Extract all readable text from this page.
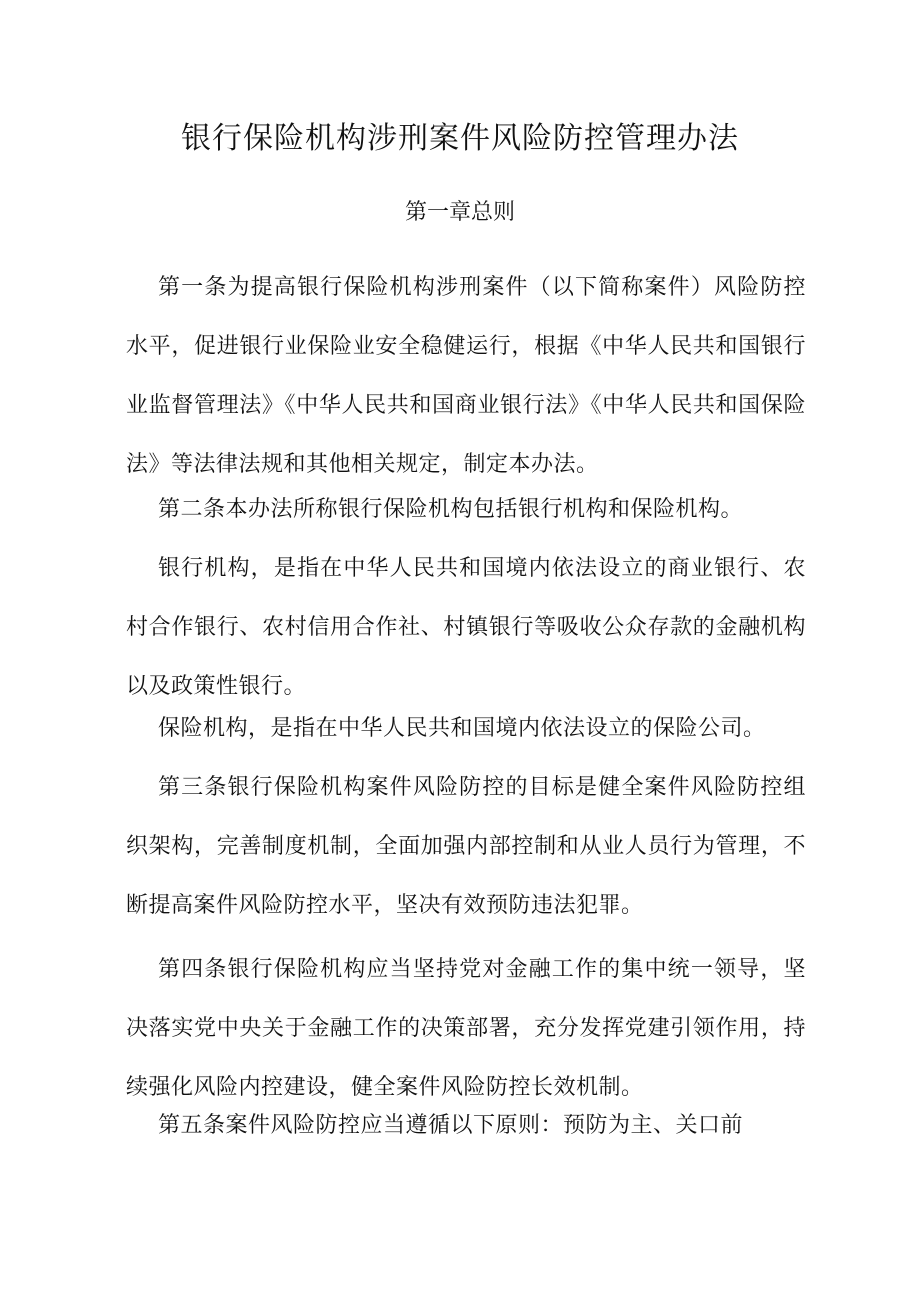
银行保险机构涉刑案件风险防控管理办法
第一章总则

第一条为提高银行保险机构涉刑案件（以下简称案件）风险防控水平，促进银行业保险业安全稳健运行，根据《中华人民共和国银行业监督管理法》《中华人民共和国商业银行法》《中华人民共和国保险法》等法律法规和其他相关规定，制定本办法。

第二条本办法所称银行保险机构包括银行机构和保险机构。

银行机构，是指在中华人民共和国境内依法设立的商业银行、农村合作银行、农村信用合作社、村镇银行等吸收公众存款的金融机构以及政策性银行。

保险机构，是指在中华人民共和国境内依法设立的保险公司。

第三条银行保险机构案件风险防控的目标是健全案件风险防控组织架构，完善制度机制，全面加强内部控制和从业人员行为管理，不断提高案件风险防控水平，坚决有效预防违法犯罪。

第四条银行保险机构应当坚持党对金融工作的集中统一领导，坚决落实党中央关于金融工作的决策部署，充分发挥党建引领作用，持续强化风险内控建设，健全案件风险防控长效机制。

第五条案件风险防控应当遵循以下原则：预防为主、关口前
